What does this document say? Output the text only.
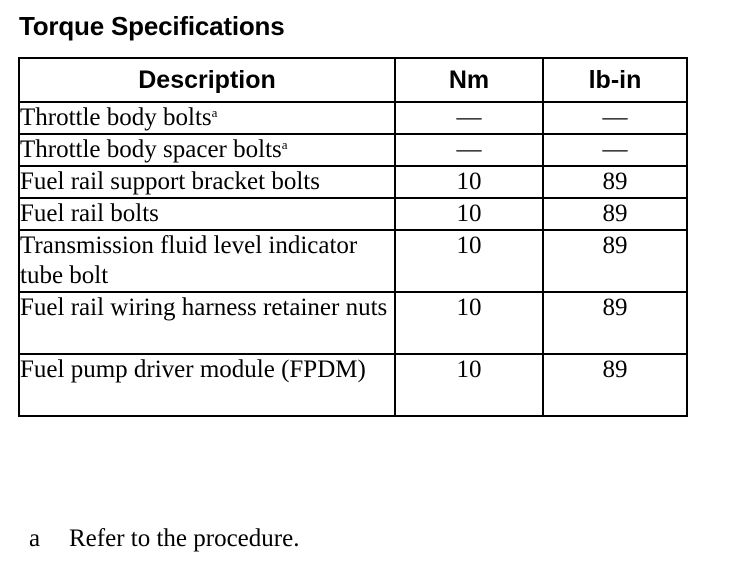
Torque Specifications
Description	Nm	lb-in
Throttle body bolts$^a$	—	—
Throttle body spacer bolts$^a$	—	—
Fuel rail support bracket bolts	10	89
Fuel rail bolts	10	89
Transmission fluid level indicator tube bolt	10	89
Fuel rail wiring harness retainer nuts	10	89
Fuel pump driver module (FPDM)	10	89
a Refer to the procedure.
